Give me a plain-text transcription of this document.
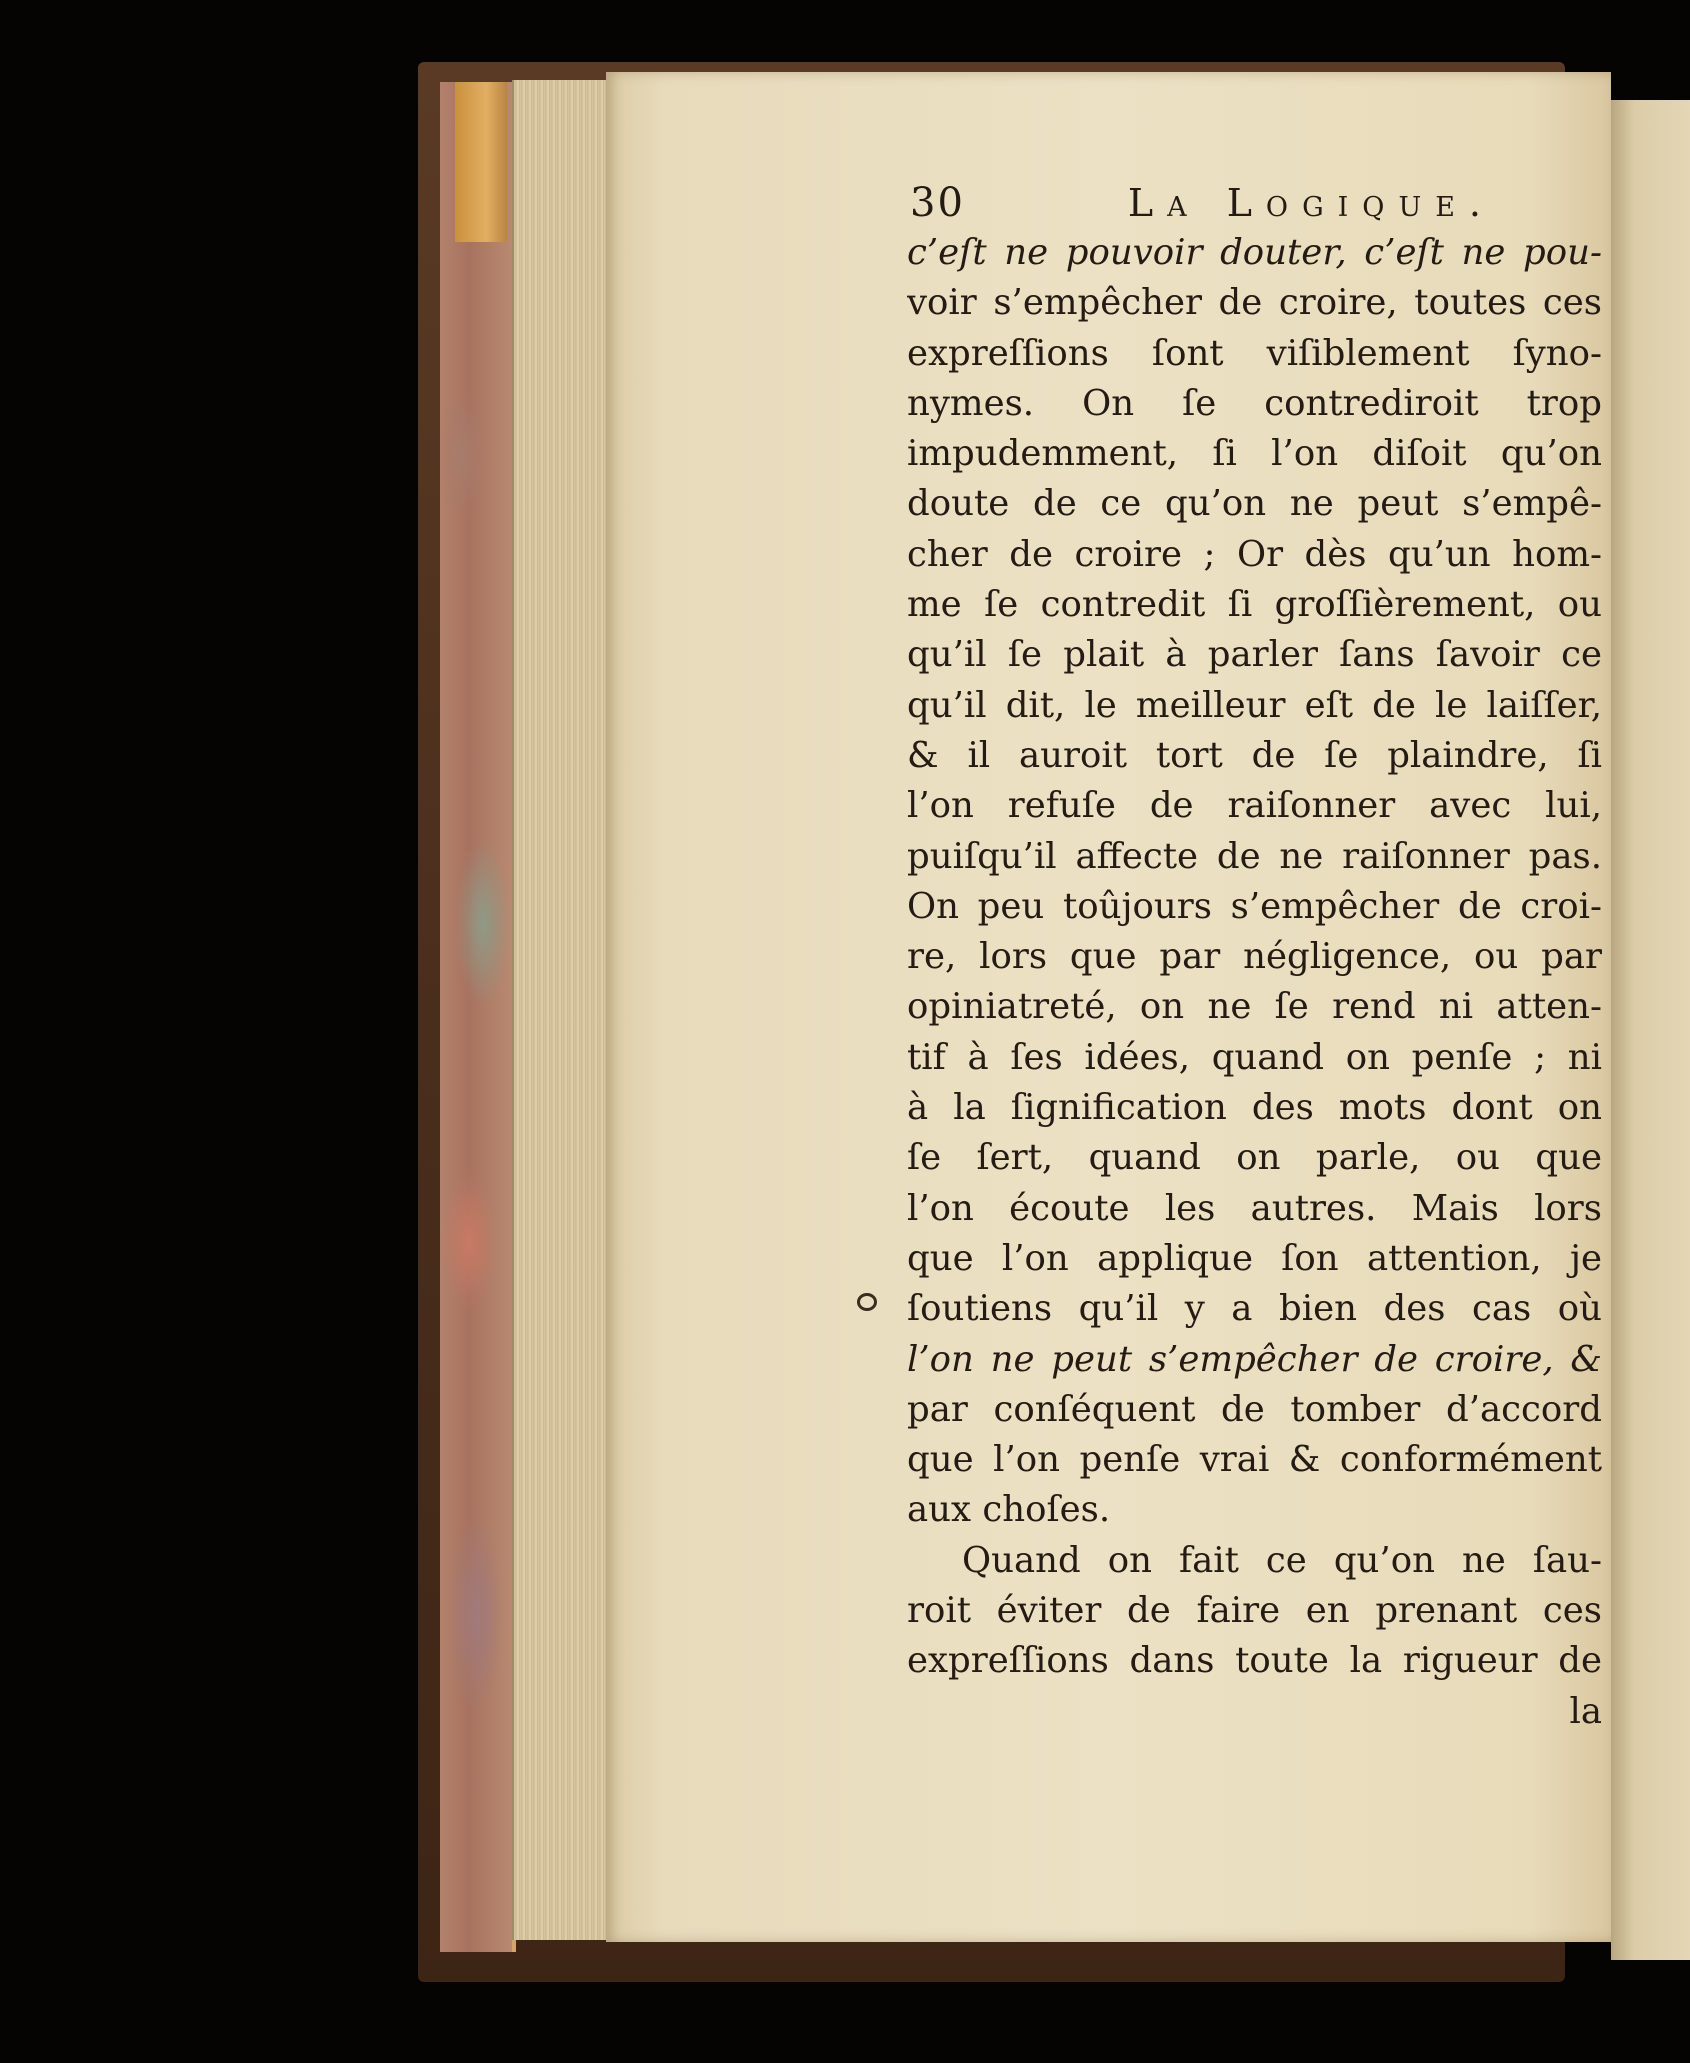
30	La Logique.
c’eſt ne pouvoir douter, c’eſt ne pou-
voir s’empêcher de croire, toutes ces
expreſſions ſont viſiblement ſyno-
nymes. On ſe contrediroit trop
impudemment, ſi l’on diſoit qu’on
doute de ce qu’on ne peut s’empê-
cher de croire ; Or dès qu’un hom-
me ſe contredit ſi groſſièrement, ou
qu’il ſe plait à parler ſans ſavoir ce
qu’il dit, le meilleur eſt de le laiſſer,
& il auroit tort de ſe plaindre, ſi
l’on refuſe de raiſonner avec lui,
puiſqu’il affecte de ne raiſonner pas.
On peu toûjours s’empêcher de croi-
re, lors que par négligence, ou par
opiniatreté, on ne ſe rend ni atten-
tif à ſes idées, quand on penſe ; ni
à la ſignification des mots dont on
ſe ſert, quand on parle, ou que
l’on écoute les autres. Mais lors
que l’on applique ſon attention, je
ſoutiens qu’il y a bien des cas où
l’on ne peut s’empêcher de croire, &
par conſéquent de tomber d’accord
que l’on penſe vrai & conformément
aux choſes.
Quand on fait ce qu’on ne ſau-
roit éviter de faire en prenant ces
expreſſions dans toute la rigueur de
la
